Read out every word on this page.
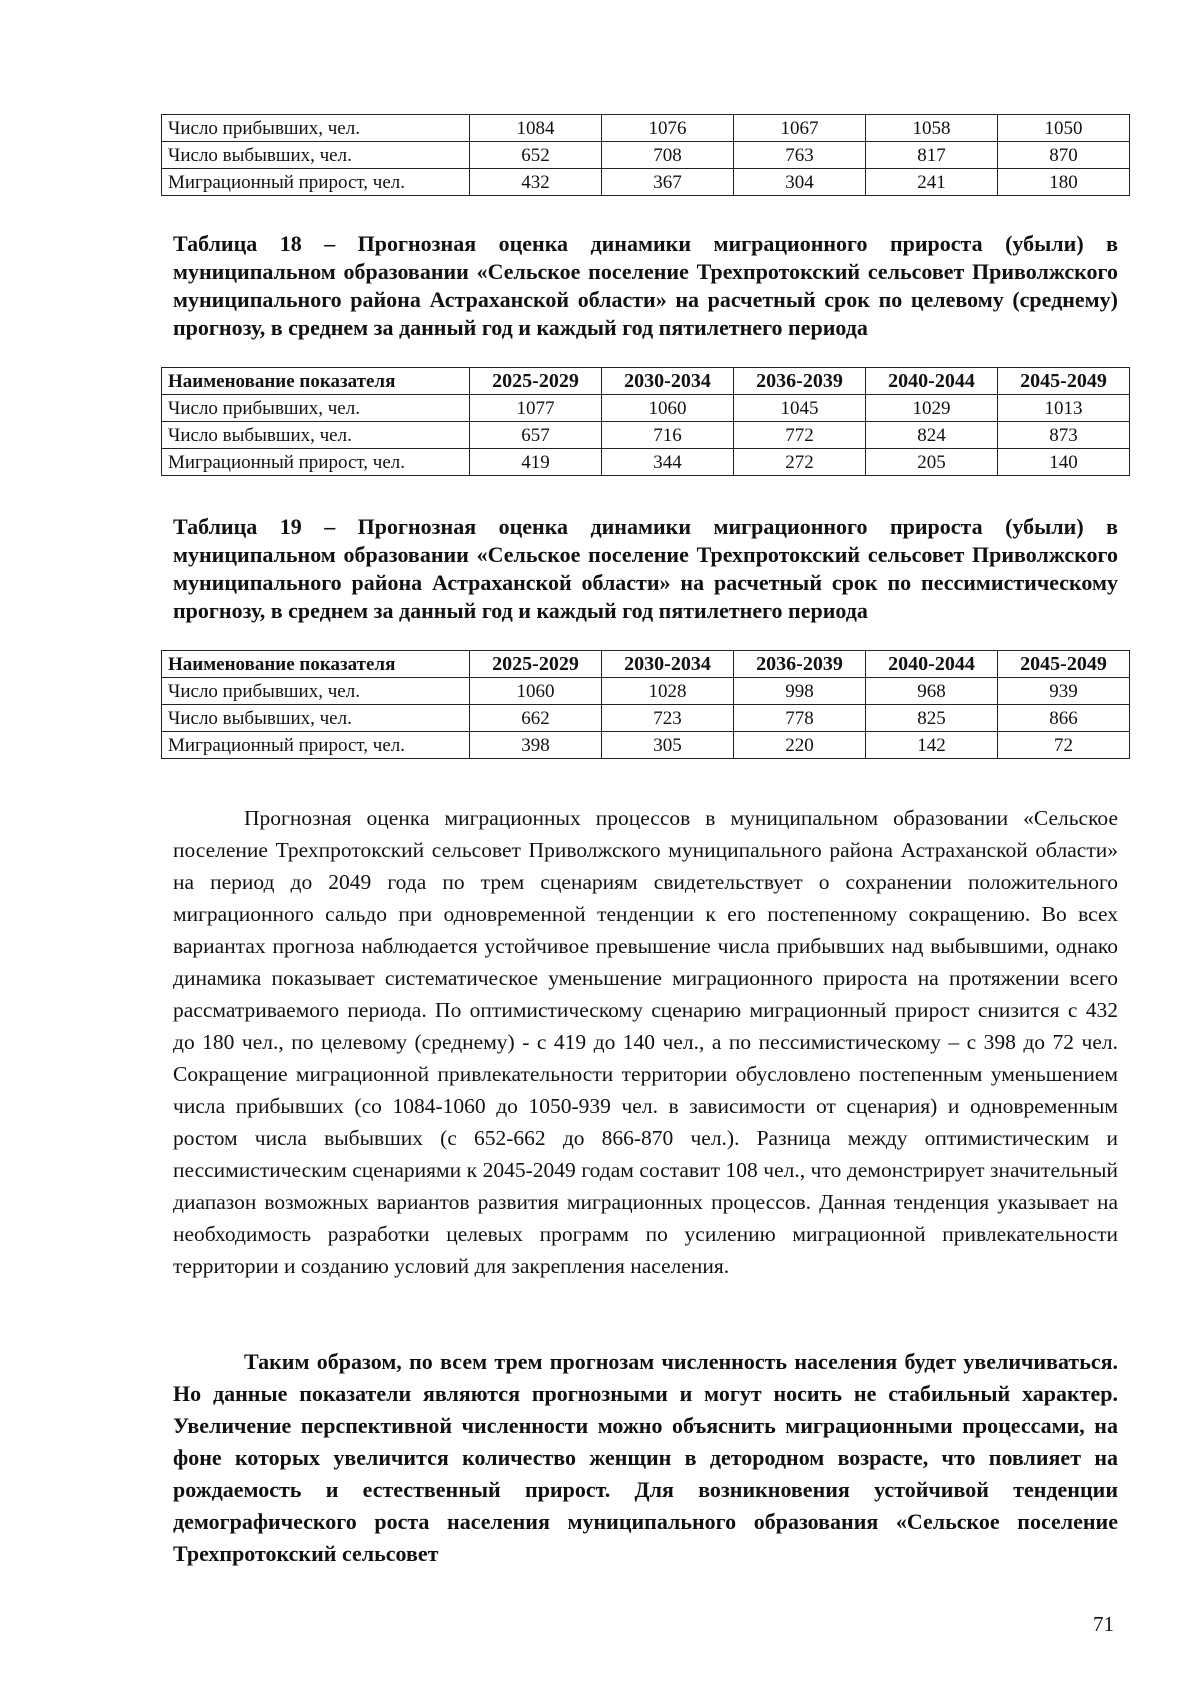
Число прибывших, чел.	1084	1076	1067	1058	1050
Число выбывших, чел.	652	708	763	817	870
Миграционный прирост, чел.	432	367	304	241	180

Таблица 18 – Прогнозная оценка динамики миграционного прироста (убыли) в муниципальном образовании «Сельское поселение Трехпротокский сельсовет Приволжского муниципального района Астраханской области» на расчетный срок по целевому (среднему) прогнозу, в среднем за данный год и каждый год пятилетнего периода

Наименование показателя	2025-2029	2030-2034	2036-2039	2040-2044	2045-2049
Число прибывших, чел.	1077	1060	1045	1029	1013
Число выбывших, чел.	657	716	772	824	873
Миграционный прирост, чел.	419	344	272	205	140

Таблица 19 – Прогнозная оценка динамики миграционного прироста (убыли) в муниципальном образовании «Сельское поселение Трехпротокский сельсовет Приволжского муниципального района Астраханской области» на расчетный срок по пессимистическому прогнозу, в среднем за данный год и каждый год пятилетнего периода

Наименование показателя	2025-2029	2030-2034	2036-2039	2040-2044	2045-2049
Число прибывших, чел.	1060	1028	998	968	939
Число выбывших, чел.	662	723	778	825	866
Миграционный прирост, чел.	398	305	220	142	72

Прогнозная оценка миграционных процессов в муниципальном образовании «Сельское поселение Трехпротокский сельсовет Приволжского муниципального района Астраханской области» на период до 2049 года по трем сценариям свидетельствует о сохранении положительного миграционного сальдо при одновременной тенденции к его постепенному сокращению. Во всех вариантах прогноза наблюдается устойчивое превышение числа прибывших над выбывшими, однако динамика показывает систематическое уменьшение миграционного прироста на протяжении всего рассматриваемого периода. По оптимистическому сценарию миграционный прирост снизится с 432 до 180 чел., по целевому (среднему) - с 419 до 140 чел., а по пессимистическому – с 398 до 72 чел. Сокращение миграционной привлекательности территории обусловлено постепенным уменьшением числа прибывших (со 1084-1060 до 1050-939 чел. в зависимости от сценария) и одновременным ростом числа выбывших (с 652-662 до 866-870 чел.). Разница между оптимистическим и пессимистическим сценариями к 2045-2049 годам составит 108 чел., что демонстрирует значительный диапазон возможных вариантов развития миграционных процессов. Данная тенденция указывает на необходимость разработки целевых программ по усилению миграционной привлекательности территории и созданию условий для закрепления населения.

Таким образом, по всем трем прогнозам численность населения будет увеличиваться. Но данные показатели являются прогнозными и могут носить не стабильный характер. Увеличение перспективной численности можно объяснить миграционными процессами, на фоне которых увеличится количество женщин в детородном возрасте, что повлияет на рождаемость и естественный прирост. Для возникновения устойчивой тенденции демографического роста населения муниципального образования «Сельское поселение Трехпротокский сельсовет

71
